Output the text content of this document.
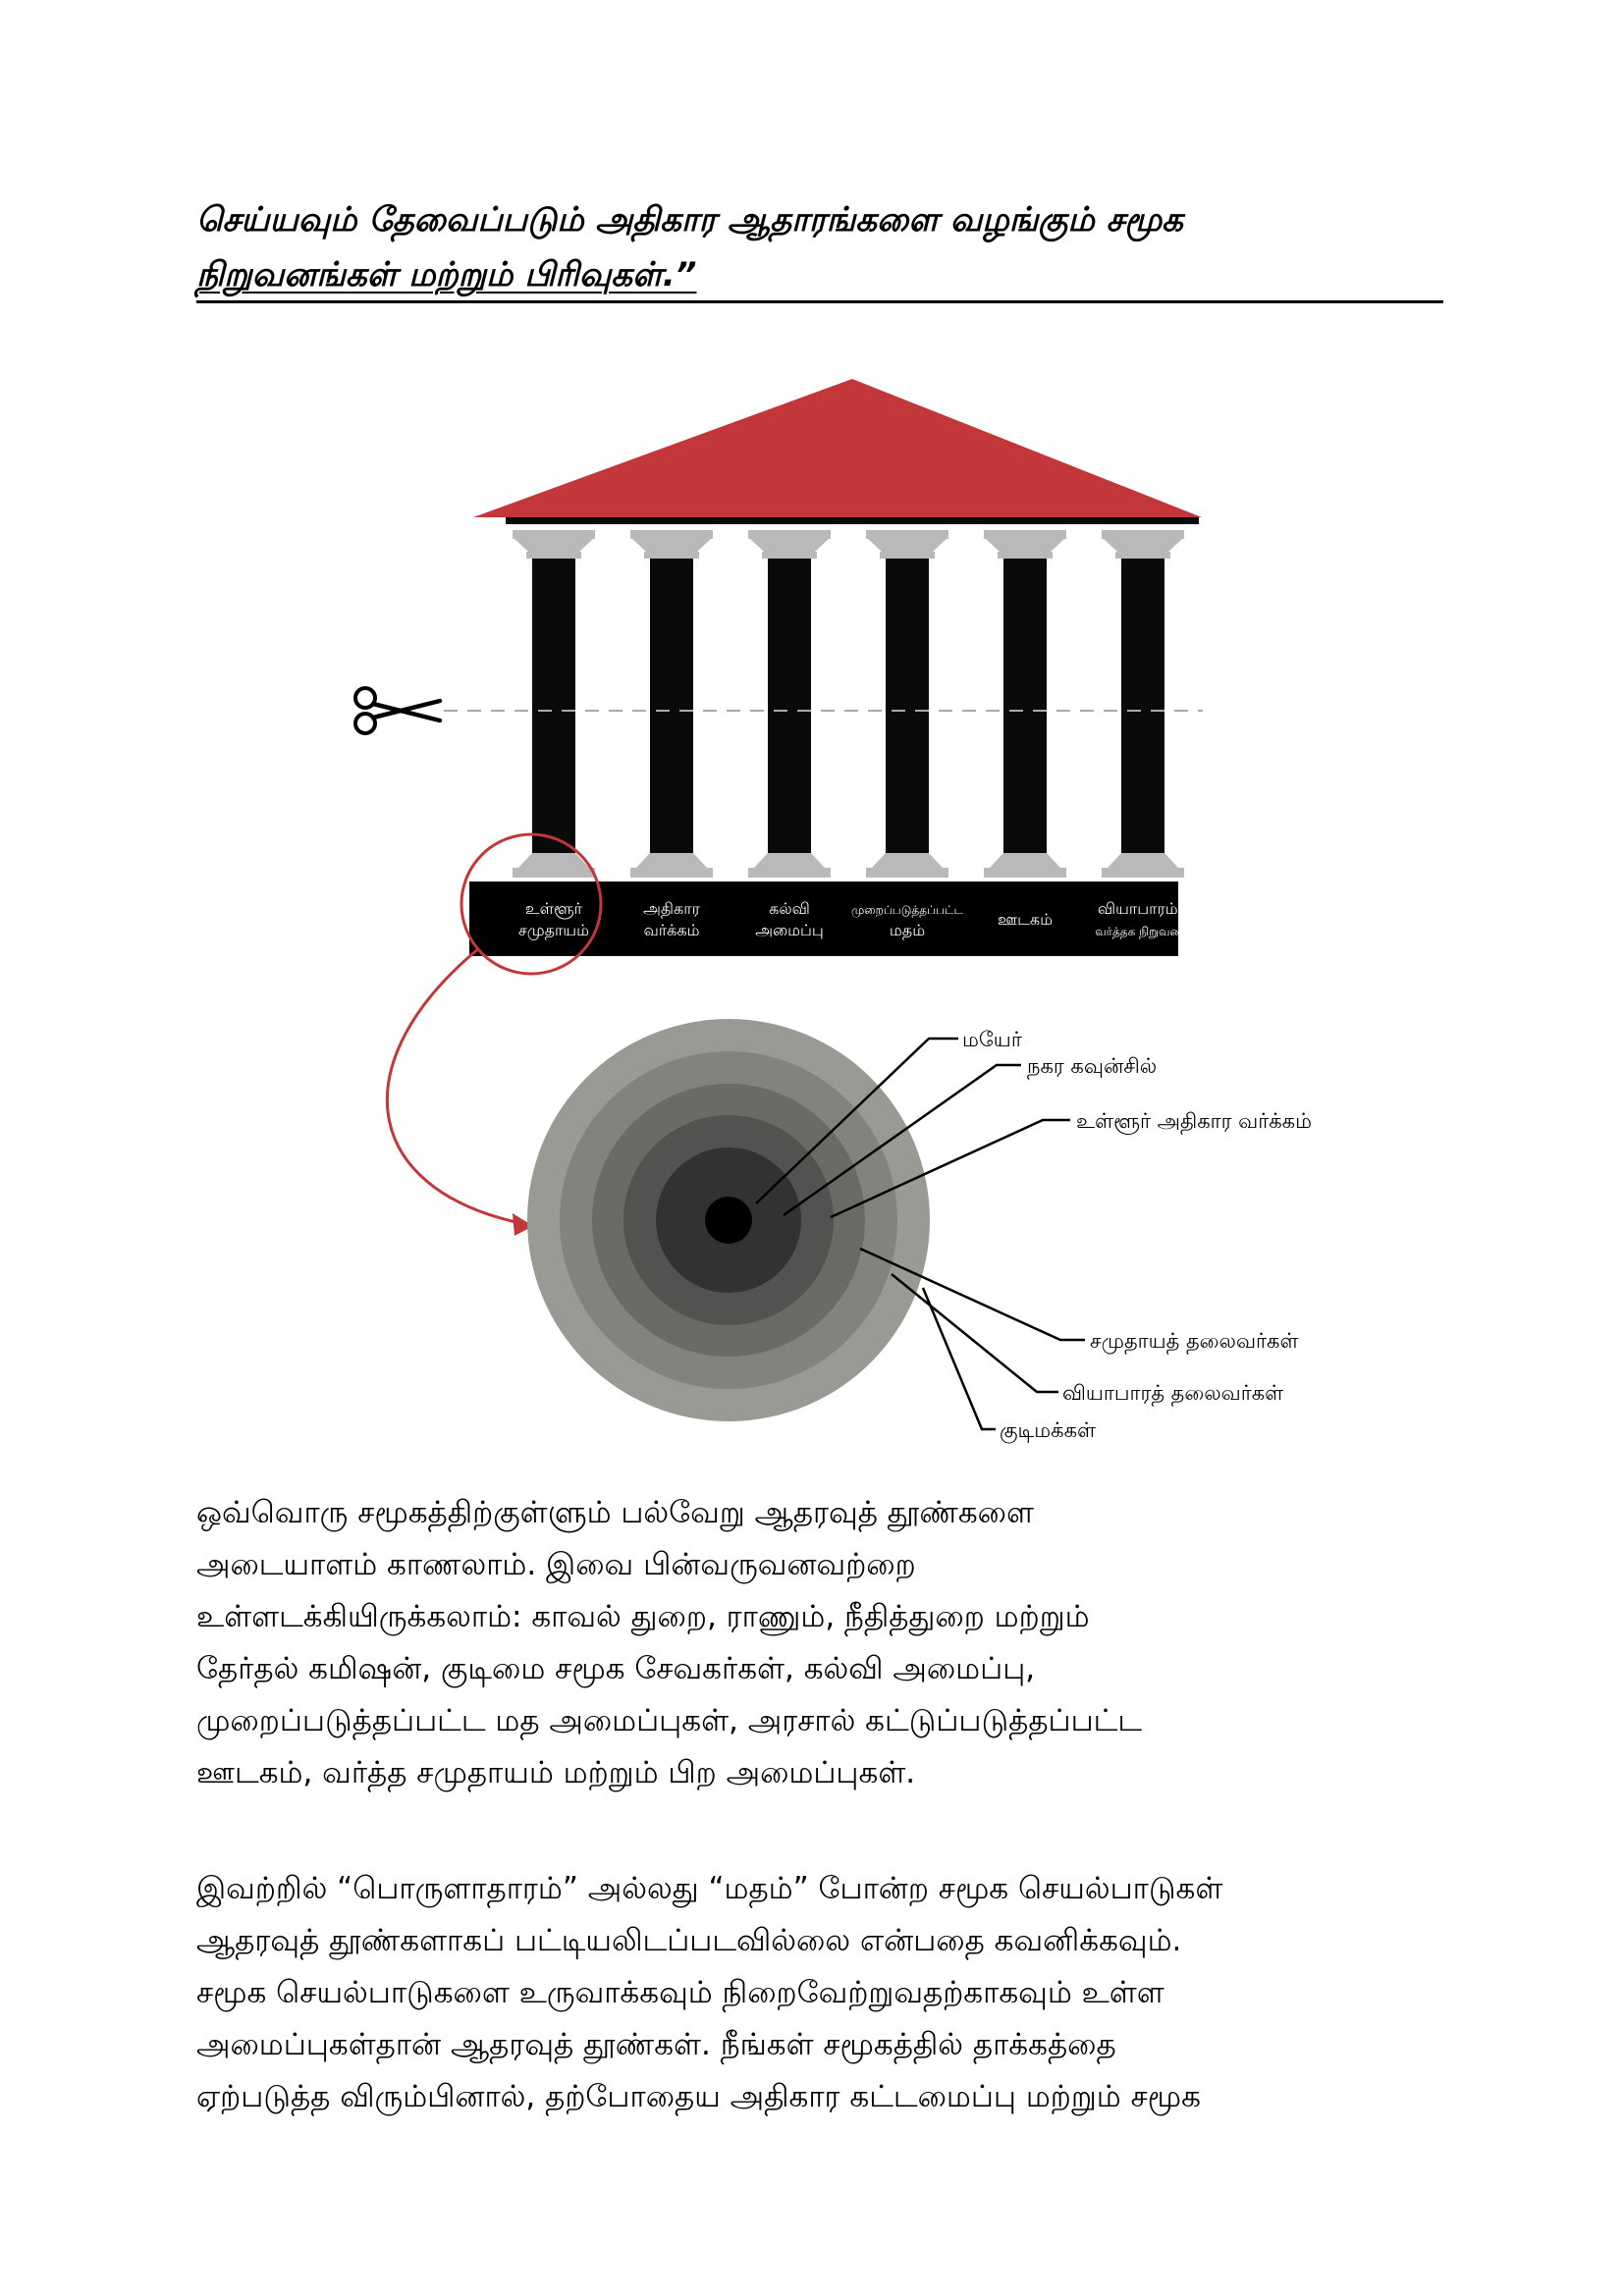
செய்யவும் தேவைப்படும் அதிகார ஆதாரங்களை வழங்கும் சமூக
நிறுவனங்கள் மற்றும் பிரிவுகள்.”
உள்ளூர்
சமுதாயம்
அதிகார
வர்க்கம்
கல்வி
அமைப்பு
முறைப்படுத்தப்பட்ட
மதம்
ஊடகம்
வியாபாரம் /
வர்த்தக நிறுவனம்
மயேர்
நகர கவுன்சில்
உள்ளூர் அதிகார வர்க்கம்
சமுதாயத் தலைவர்கள்
வியாபாரத் தலைவர்கள்
குடிமக்கள்
ஒவ்வொரு சமூகத்திற்குள்ளும் பல்வேறு ஆதரவுத் தூண்களை
அடையாளம் காணலாம். இவை பின்வருவனவற்றை
உள்ளடக்கியிருக்கலாம்: காவல் துறை, ராணும், நீதித்துறை மற்றும்
தேர்தல் கமிஷன், குடிமை சமூக சேவகர்கள், கல்வி அமைப்பு,
முறைப்படுத்தப்பட்ட மத அமைப்புகள், அரசால் கட்டுப்படுத்தப்பட்ட
ஊடகம், வர்த்த சமுதாயம் மற்றும் பிற அமைப்புகள்.
இவற்றில் “பொருளாதாரம்” அல்லது “மதம்” போன்ற சமூக செயல்பாடுகள்
ஆதரவுத் தூண்களாகப் பட்டியலிடப்படவில்லை என்பதை கவனிக்கவும்.
சமூக செயல்பாடுகளை உருவாக்கவும் நிறைவேற்றுவதற்காகவும் உள்ள
அமைப்புகள்தான் ஆதரவுத் தூண்கள். நீங்கள் சமூகத்தில் தாக்கத்தை
ஏற்படுத்த விரும்பினால், தற்போதைய அதிகார கட்டமைப்பு மற்றும் சமூக
